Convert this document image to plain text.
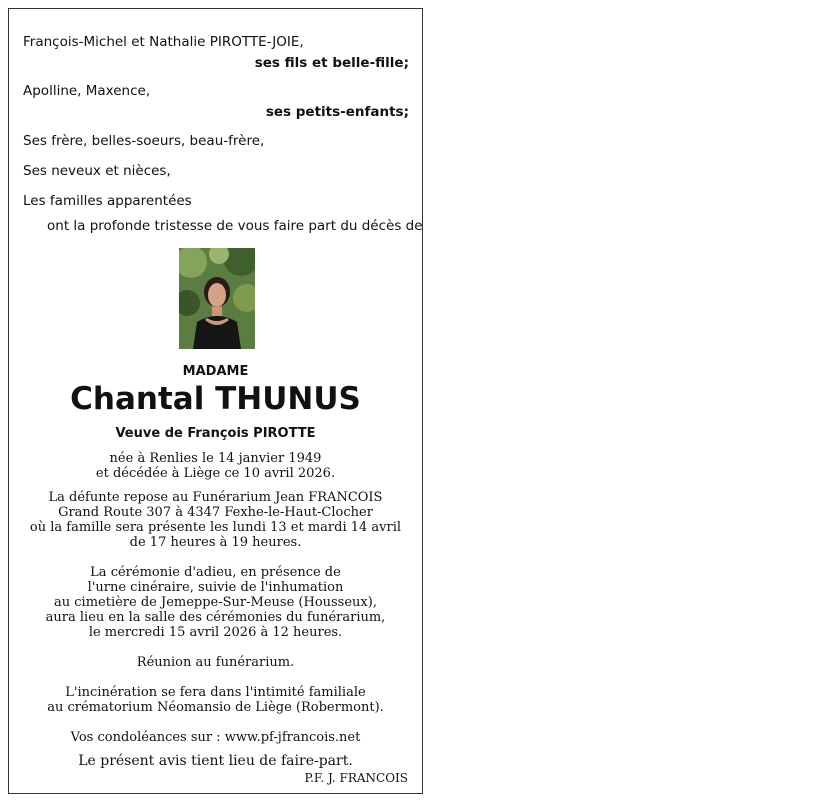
François-Michel et Nathalie PIROTTE-JOIE,
ses fils et belle-fille;
Apolline, Maxence,
ses petits-enfants;
Ses frère, belles-soeurs, beau-frère,
Ses neveux et nièces,
Les familles apparentées
ont la profonde tristesse de vous faire part du décès de
MADAME
Chantal THUNUS
Veuve de François PIROTTE
née à Renlies le 14 janvier 1949
et décédée à Liège ce 10 avril 2026.
La défunte repose au Funérarium Jean FRANCOIS
Grand Route 307 à 4347 Fexhe-le-Haut-Clocher
où la famille sera présente les lundi 13 et mardi 14 avril
de 17 heures à 19 heures.
La cérémonie d'adieu, en présence de
l'urne cinéraire, suivie de l'inhumation
au cimetière de Jemeppe-Sur-Meuse (Housseux),
aura lieu en la salle des cérémonies du funérarium,
le mercredi 15 avril 2026 à 12 heures.
Réunion au funérarium.
L'incinération se fera dans l'intimité familiale
au crématorium Néomansio de Liège (Robermont).
Vos condoléances sur : www.pf-jfrancois.net
Le présent avis tient lieu de faire-part.
P.F. J. FRANCOIS
